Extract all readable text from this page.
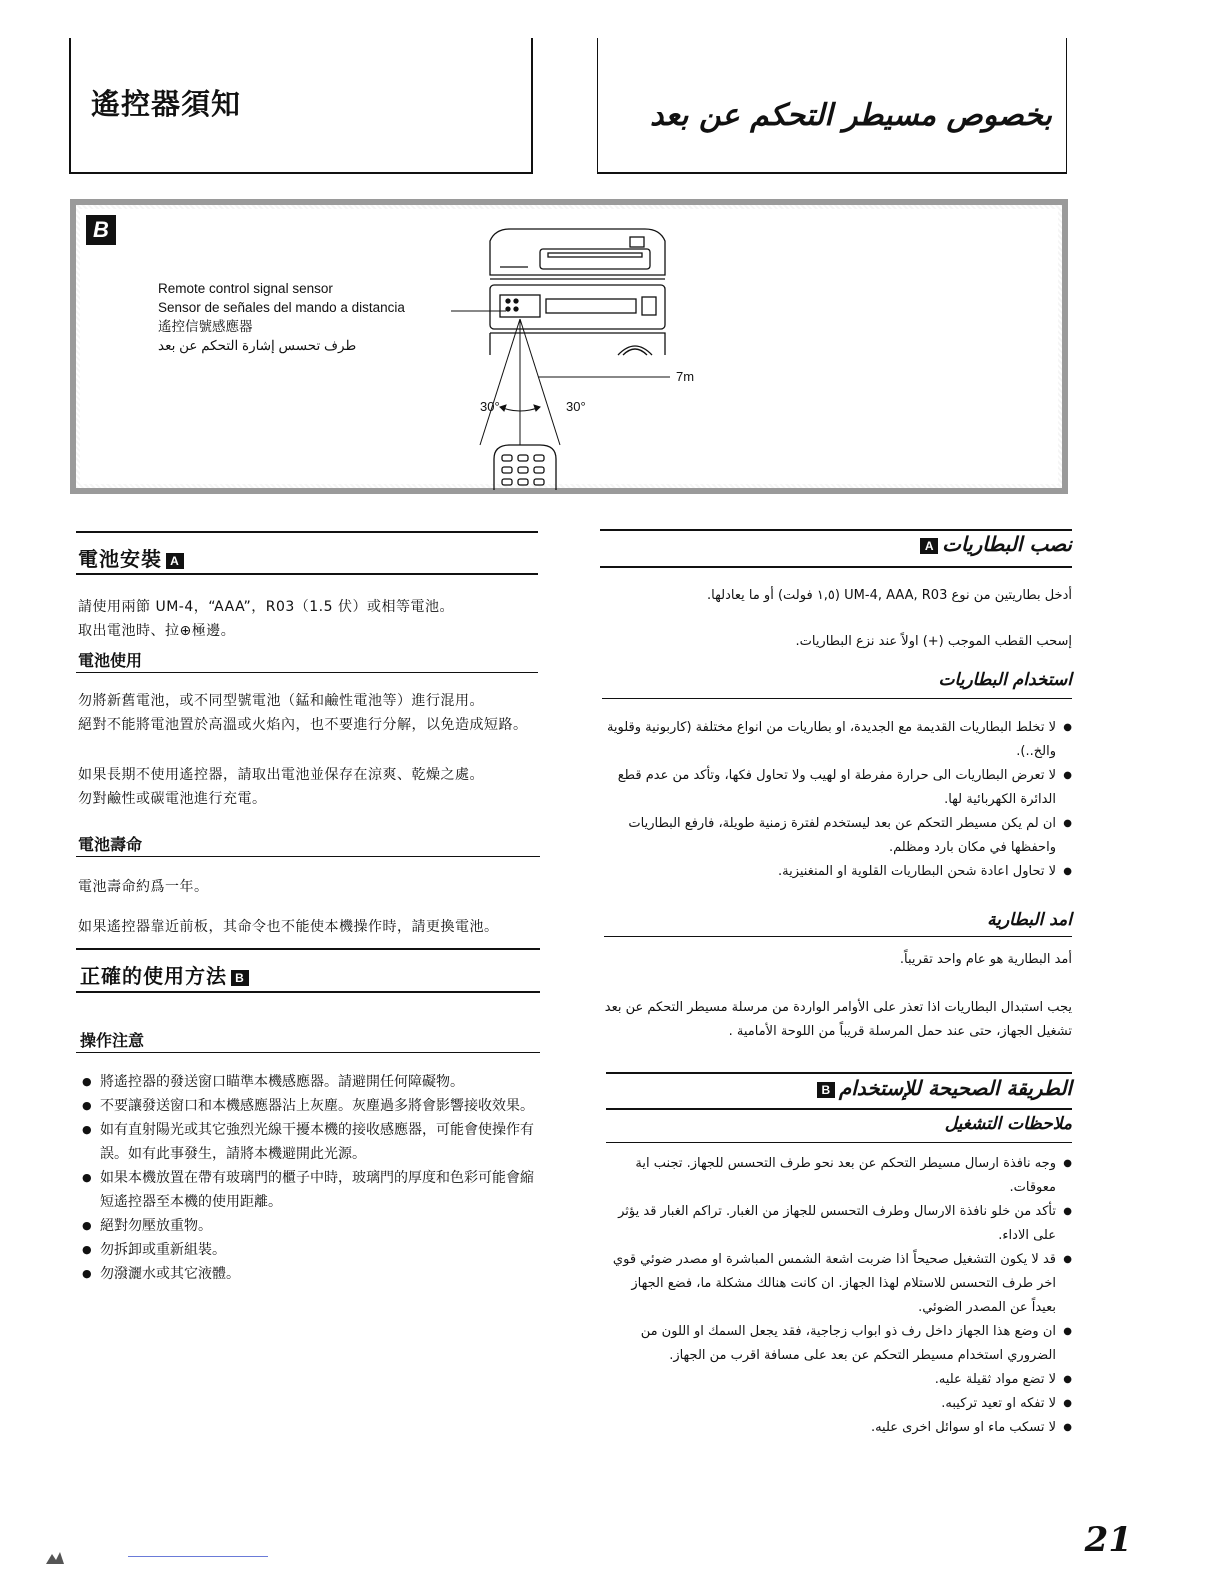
遙控器須知	بخصوص مسيطر التحكم عن بعد
B
Remote control signal sensor
Sensor de señales del mando a distancia
遙控信號感應器
طرف تحسس إشارة التحكم عن بعد
7m
30°	30°
電池安裝 A
請使用兩節 UM-4，“AAA”，R03（1.5 伏）或相等電池。
取出電池時、拉⊕極邊。
電池使用
勿將新舊電池，或不同型號電池（錳和鹼性電池等）進行混用。
絕對不能將電池置於高溫或火焰內，也不要進行分解，以免造成短路。
如果長期不使用遙控器，請取出電池並保存在涼爽、乾燥之處。
勿對鹼性或碳電池進行充電。
電池壽命
電池壽命約爲一年。
如果遙控器靠近前板，其命令也不能使本機操作時，請更換電池。
正確的使用方法 B
操作注意
● 將遙控器的發送窗口瞄準本機感應器。請避開任何障礙物。
● 不要讓發送窗口和本機感應器沾上灰塵。灰塵過多將會影響接收效果。
● 如有直射陽光或其它強烈光線干擾本機的接收感應器，可能會使操作有誤。如有此事發生，請將本機避開此光源。
● 如果本機放置在帶有玻璃門的櫃子中時，玻璃門的厚度和色彩可能會縮短遙控器至本機的使用距離。
● 絕對勿壓放重物。
● 勿拆卸或重新組裝。
● 勿潑灑水或其它液體。
نصب البطارياتA
أدخل بطاريتين من نوع UM-4, AAA, R03 (١,٥ فولت) أو ما يعادلها.
إسحب القطب الموجب (+) اولاً عند نزع البطاريات.
استخدام البطاريات
● لا تخلط البطاريات القديمة مع الجديدة، او بطاريات من انواع مختلفة (كاربونية وقلوية والخ..).
● لا تعرض البطاريات الى حرارة مفرطة او لهيب ولا تحاول فكها، وتأكد من عدم قطع الدائرة الكهربائية لها.
● ان لم يكن مسيطر التحكم عن بعد ليستخدم لفترة زمنية طويلة، فارفع البطاريات واحفظها في مكان بارد ومظلم.
● لا تحاول اعادة شحن البطاريات القلوية او المنغنيزية.
امد البطارية
أمد البطارية هو عام واحد تقريباً.
يجب استبدال البطاريات اذا تعذر على الأوامر الواردة من مرسلة مسيطر التحكم عن بعد تشغيل الجهاز، حتى عند حمل المرسلة قريباً من اللوحة الأمامية .
الطريقة الصحيحة للإستخدامB
ملاحظات التشغيل
● وجه نافذة ارسال مسيطر التحكم عن بعد نحو طرف التحسس للجهاز. تجنب اية معوقات.
● تأكد من خلو نافذة الارسال وطرف التحسس للجهاز من الغبار. تراكم الغبار قد يؤثر على الاداء.
● قد لا يكون التشغيل صحيحاً اذا ضربت اشعة الشمس المباشرة او مصدر ضوئي قوي اخر طرف التحسس للاستلام لهذا الجهاز. ان كانت هنالك مشكلة ما، فضع الجهاز بعيداً عن المصدر الضوئي.
● ان وضع هذا الجهاز داخل رف ذو ابواب زجاجية، فقد يجعل السمك او اللون من الضروري استخدام مسيطر التحكم عن بعد على مسافة اقرب من الجهاز.
● لا تضع مواد ثقيلة عليه.
● لا تفكه او تعيد تركيبه.
● لا تسكب ماء او سوائل اخرى عليه.
21
